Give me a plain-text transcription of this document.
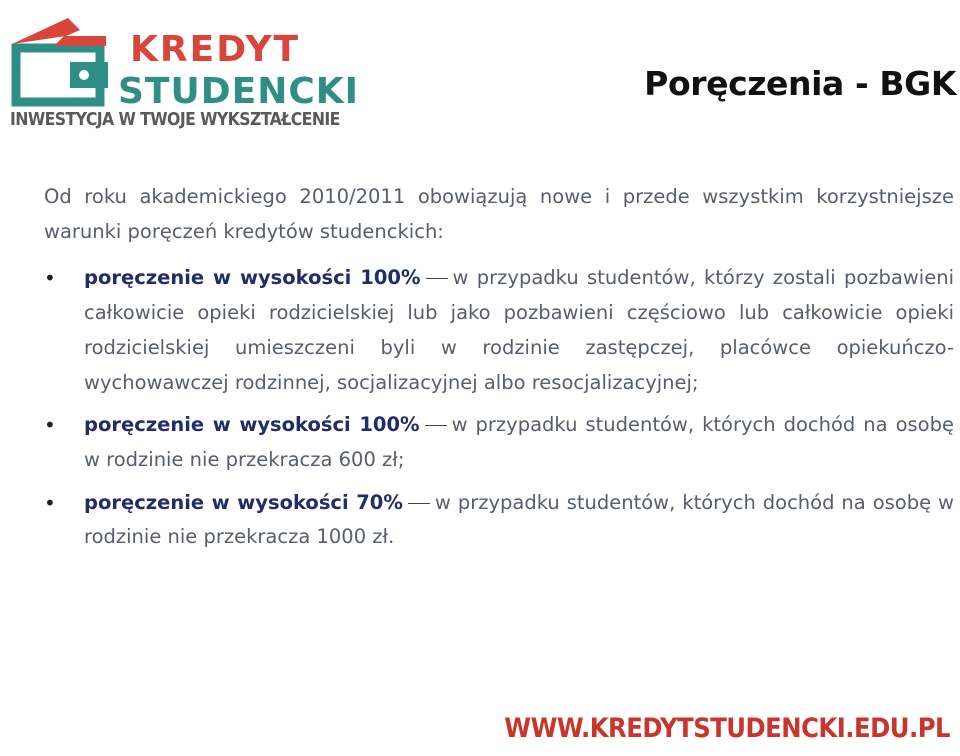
KREDYT
STUDENCKI
INWESTYCJA W TWOJE WYKSZTAŁCENIE
Poręczenia - BGK

Od roku akademickiego 2010/2011 obowiązują nowe i przede wszystkim korzystniejsze warunki poręczeń kredytów studenckich:

• poręczenie w wysokości 100% w przypadku studentów, którzy zostali pozbawieni całkowicie opieki rodzicielskiej lub jako pozbawieni częściowo lub całkowicie opieki rodzicielskiej umieszczeni byli w rodzinie zastępczej, placówce opiekuńczo-wychowawczej rodzinnej, socjalizacyjnej albo resocjalizacyjnej;
• poręczenie w wysokości 100% w przypadku studentów, których dochód na osobę w rodzinie nie przekracza 600 zł;
• poręczenie w wysokości 70% w przypadku studentów, których dochód na osobę w rodzinie nie przekracza 1000 zł.
WWW.KREDYTSTUDENCKI.EDU.PL
